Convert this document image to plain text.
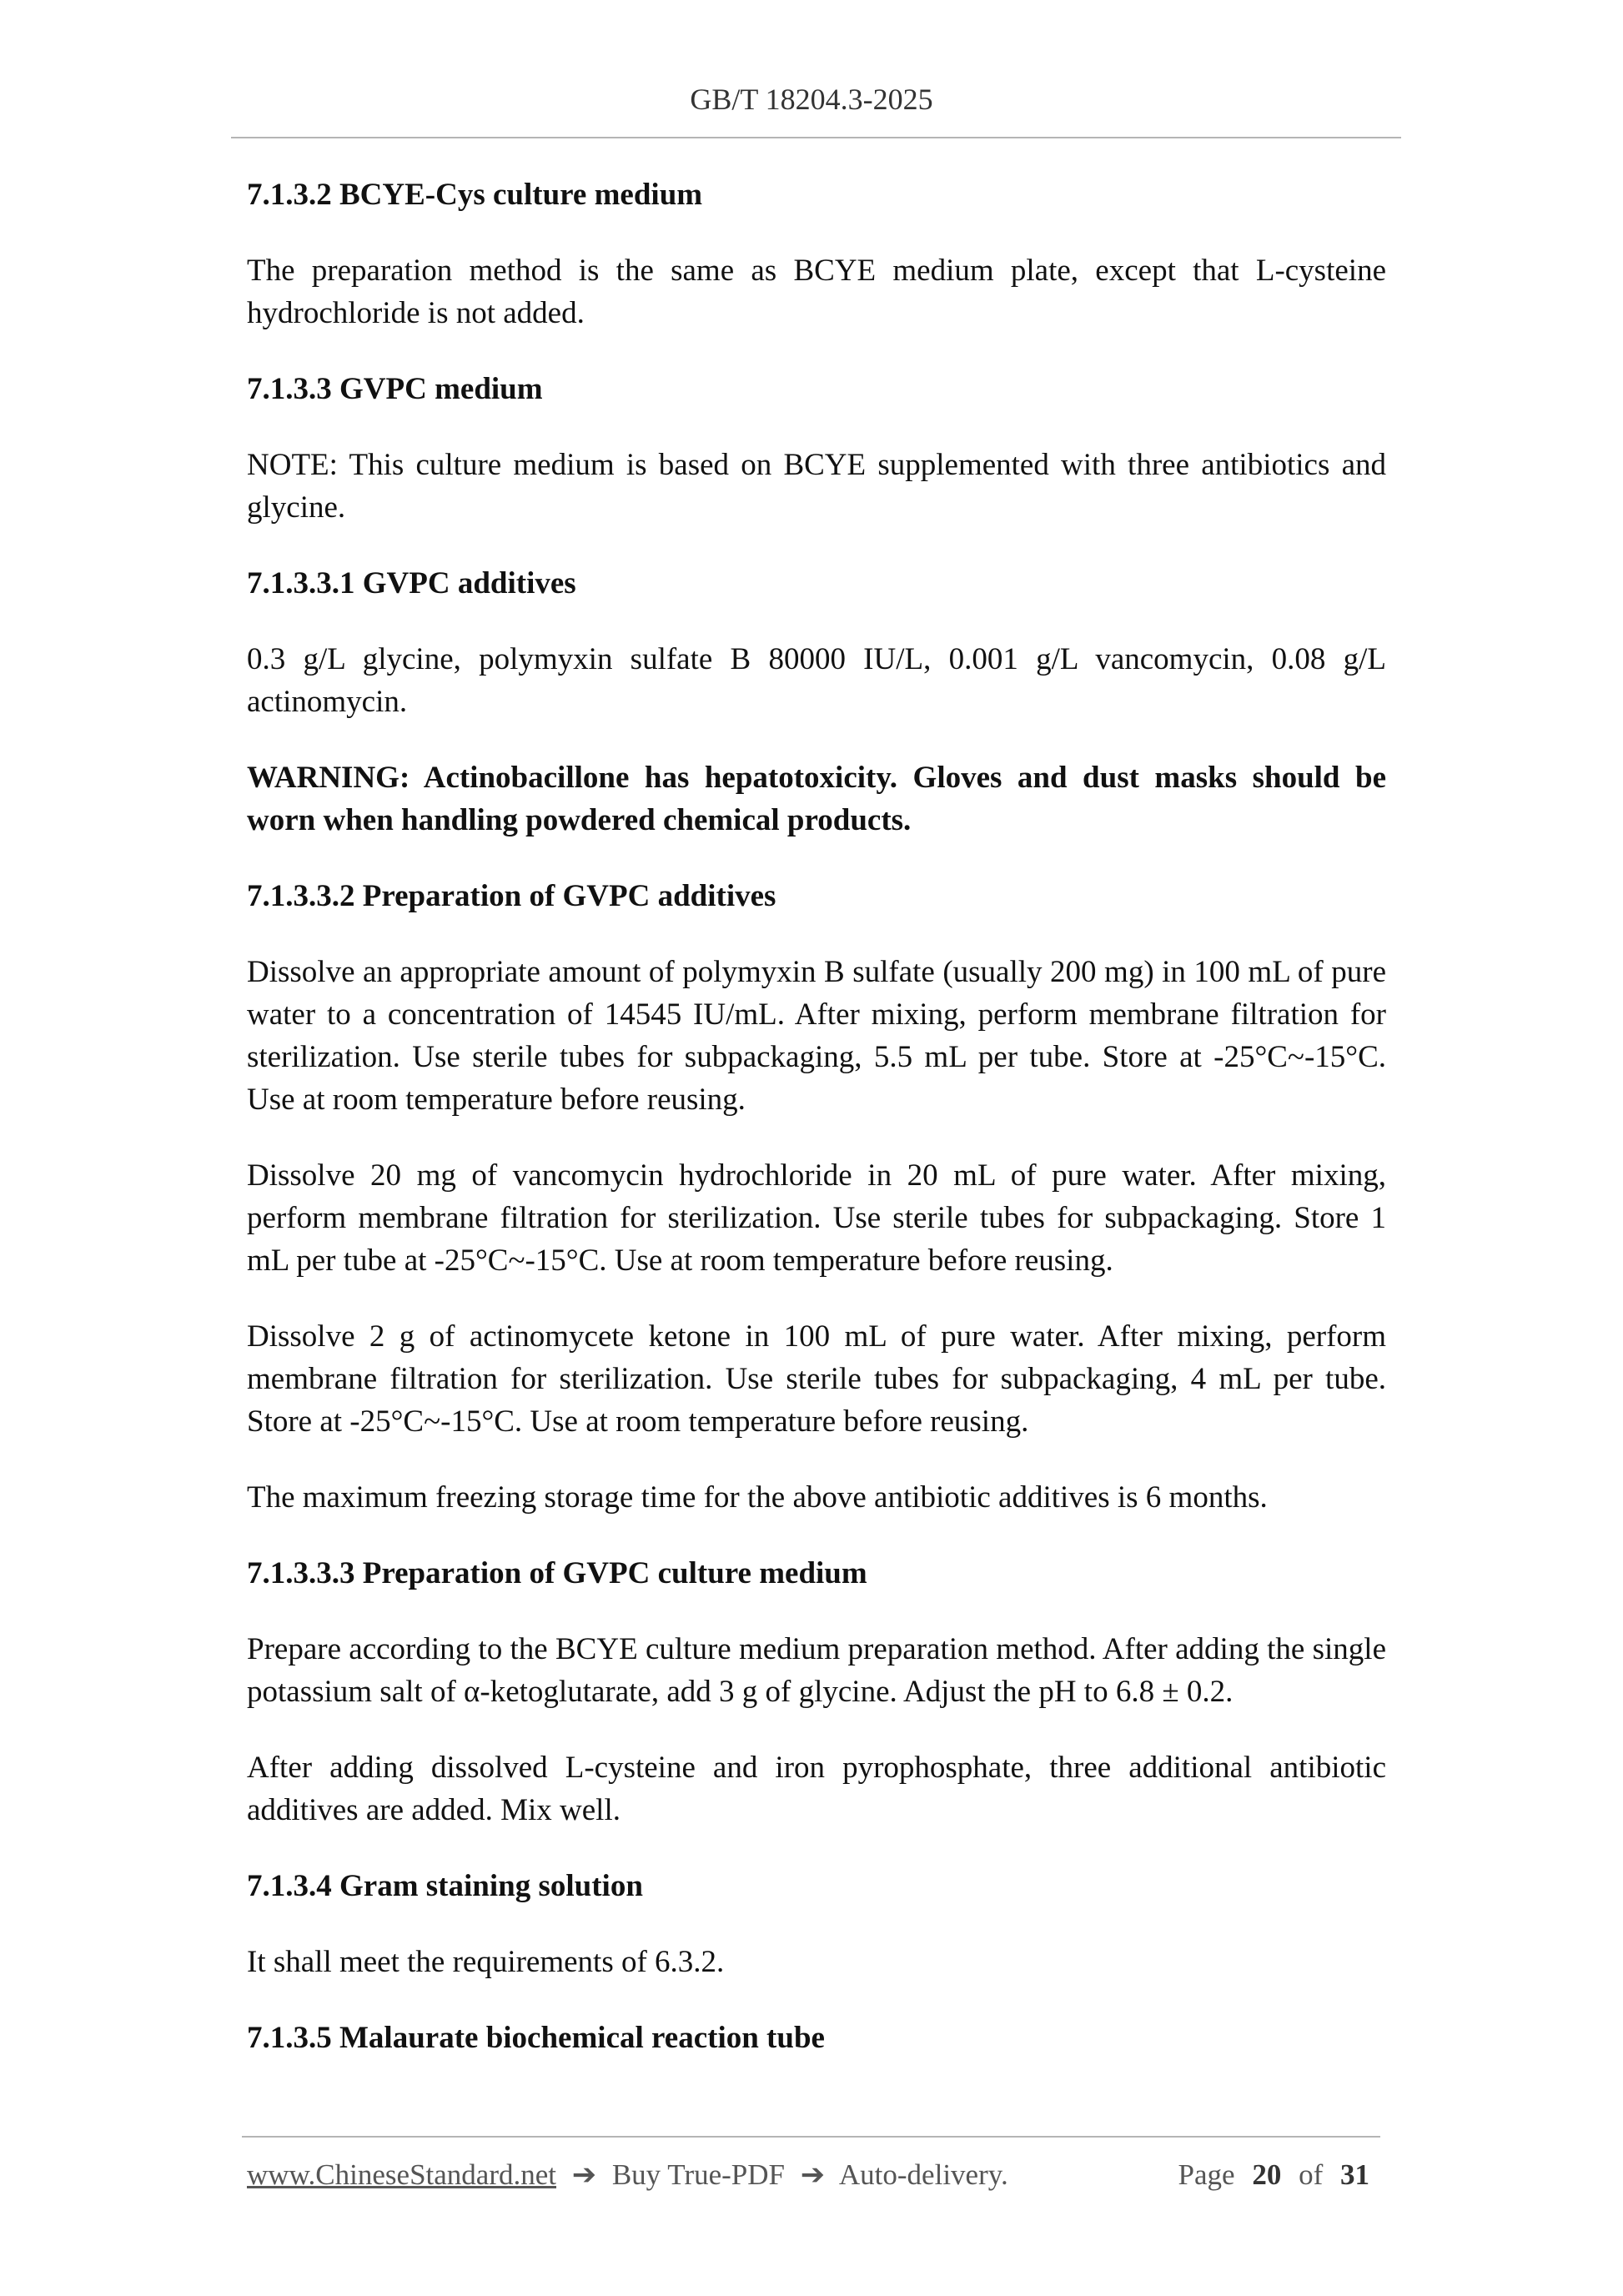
GB/T 18204.3-2025

7.1.3.2 BCYE-Cys culture medium

The preparation method is the same as BCYE medium plate, except that L-cysteine hydrochloride is not added.

7.1.3.3 GVPC medium

NOTE: This culture medium is based on BCYE supplemented with three antibiotics and glycine.

7.1.3.3.1 GVPC additives

0.3 g/L glycine, polymyxin sulfate B 80000 IU/L, 0.001 g/L vancomycin, 0.08 g/L actinomycin.

WARNING: Actinobacillone has hepatotoxicity. Gloves and dust masks should be worn when handling powdered chemical products.

7.1.3.3.2 Preparation of GVPC additives

Dissolve an appropriate amount of polymyxin B sulfate (usually 200 mg) in 100 mL of pure water to a concentration of 14545 IU/mL. After mixing, perform membrane filtration for sterilization. Use sterile tubes for subpackaging, 5.5 mL per tube. Store at -25°C~-15°C. Use at room temperature before reusing.

Dissolve 20 mg of vancomycin hydrochloride in 20 mL of pure water. After mixing, perform membrane filtration for sterilization. Use sterile tubes for subpackaging. Store 1 mL per tube at -25°C~-15°C. Use at room temperature before reusing.

Dissolve 2 g of actinomycete ketone in 100 mL of pure water. After mixing, perform membrane filtration for sterilization. Use sterile tubes for subpackaging, 4 mL per tube. Store at -25°C~-15°C. Use at room temperature before reusing.

The maximum freezing storage time for the above antibiotic additives is 6 months.

7.1.3.3.3 Preparation of GVPC culture medium

Prepare according to the BCYE culture medium preparation method. After adding the single potassium salt of α-ketoglutarate, add 3 g of glycine. Adjust the pH to 6.8 ± 0.2.

After adding dissolved L-cysteine and iron pyrophosphate, three additional antibiotic additives are added. Mix well.

7.1.3.4 Gram staining solution

It shall meet the requirements of 6.3.2.

7.1.3.5 Malaurate biochemical reaction tube

www.ChineseStandard.net ➔ Buy True-PDF ➔ Auto-delivery.	Page 20 of 31
